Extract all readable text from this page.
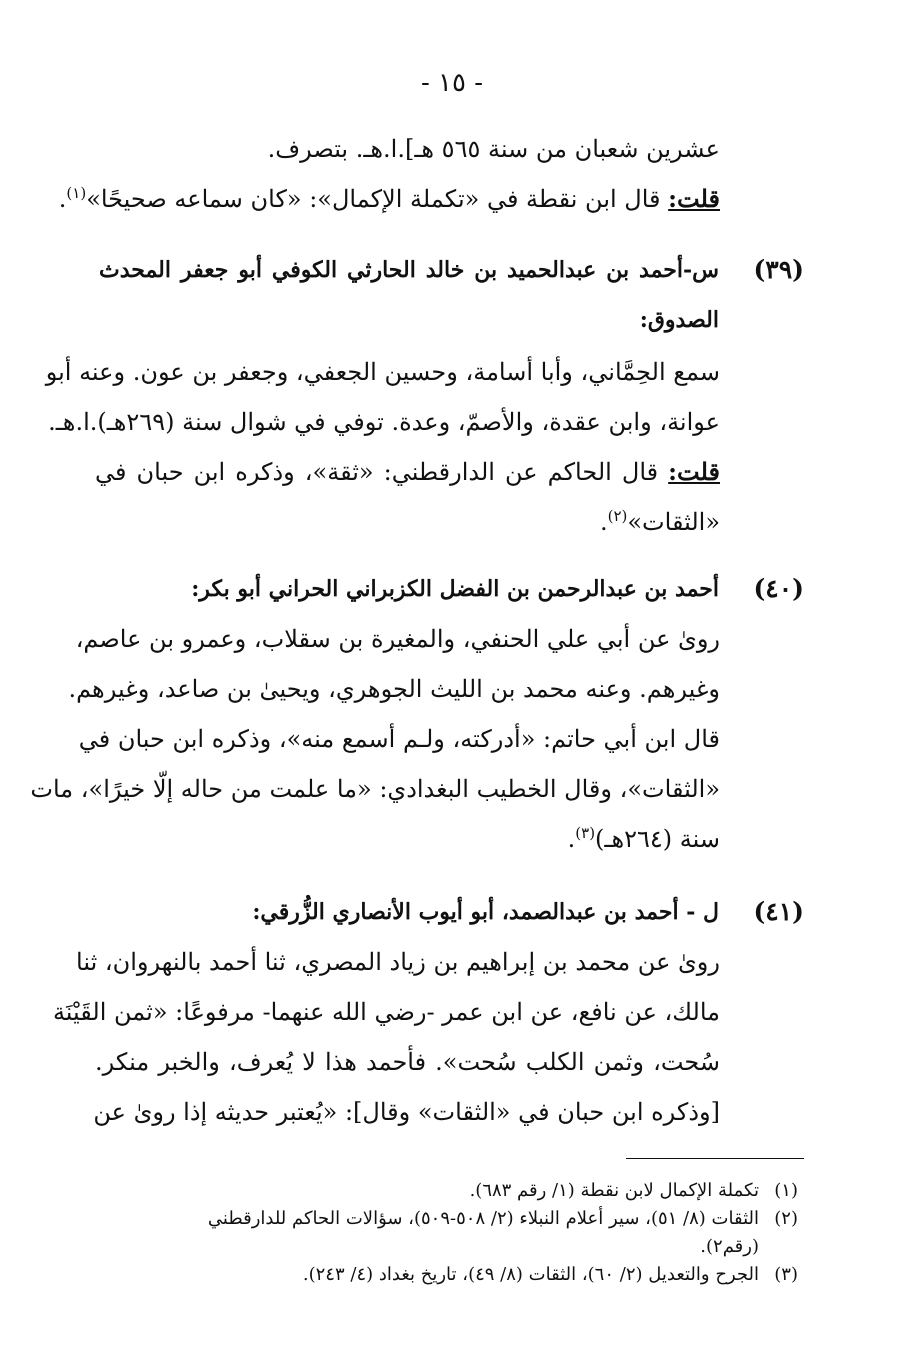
- ١٥ -
عشرين شعبان من سنة ٥٦٥ هـ].ا.هـ. بتصرف.
قلت: قال ابن نقطة في «تكملة الإكمال»: «كان سماعه صحيحًا»$^{(١)}$.
(٣٩)
س-أحمد بن عبدالحميد بن خالد الحارثي الكوفي أبو جعفر المحدث
الصدوق:
سمع الحِمَّاني، وأبا أسامة، وحسين الجعفي، وجعفر بن عون. وعنه أبو
عوانة، وابن عقدة، والأصمّ، وعدة. توفي في شوال سنة (٢٦٩هـ).ا.هـ.
قلت: قال الحاكم عن الدارقطني: «ثقة»، وذكره ابن حبان في
«الثقات»$^{(٢)}$.
(٤٠)
أحمد بن عبدالرحمن بن الفضل الكزبراني الحراني أبو بكر:
روىٰ عن أبي علي الحنفي، والمغيرة بن سقلاب، وعمرو بن عاصم،
وغيرهم. وعنه محمد بن الليث الجوهري، ويحيىٰ بن صاعد، وغيرهم.
قال ابن أبي حاتم: «أدركته، ولـم أسمع منه»، وذكره ابن حبان في
«الثقات»، وقال الخطيب البغدادي: «ما علمت من حاله إلّا خيرًا»، مات
سنة (٢٦٤هـ)$^{(٣)}$.
(٤١)
ل - أحمد بن عبدالصمد، أبو أيوب الأنصاري الزُّرقي:
روىٰ عن محمد بن إبراهيم بن زياد المصري، ثنا أحمد بالنهروان، ثنا
مالك، عن نافع، عن ابن عمر -رضي الله عنهما- مرفوعًا: «ثمن القَيْنَة
سُحت، وثمن الكلب سُحت». فأحمد هذا لا يُعرف، والخبر منكر.
[وذكره ابن حبان في «الثقات» وقال]: «يُعتبر حديثه إذا روىٰ عن
(١)
تكملة الإكمال لابن نقطة (١/ رقم ٦٨٣).
(٢)
الثقات (٨/ ٥١)، سير أعلام النبلاء (٢/ ٥٠٨-٥٠٩)، سؤالات الحاكم للدارقطني
(رقم٢).
(٣)
الجرح والتعديل (٢/ ٦٠)، الثقات (٨/ ٤٩)، تاريخ بغداد (٤/ ٢٤٣).
